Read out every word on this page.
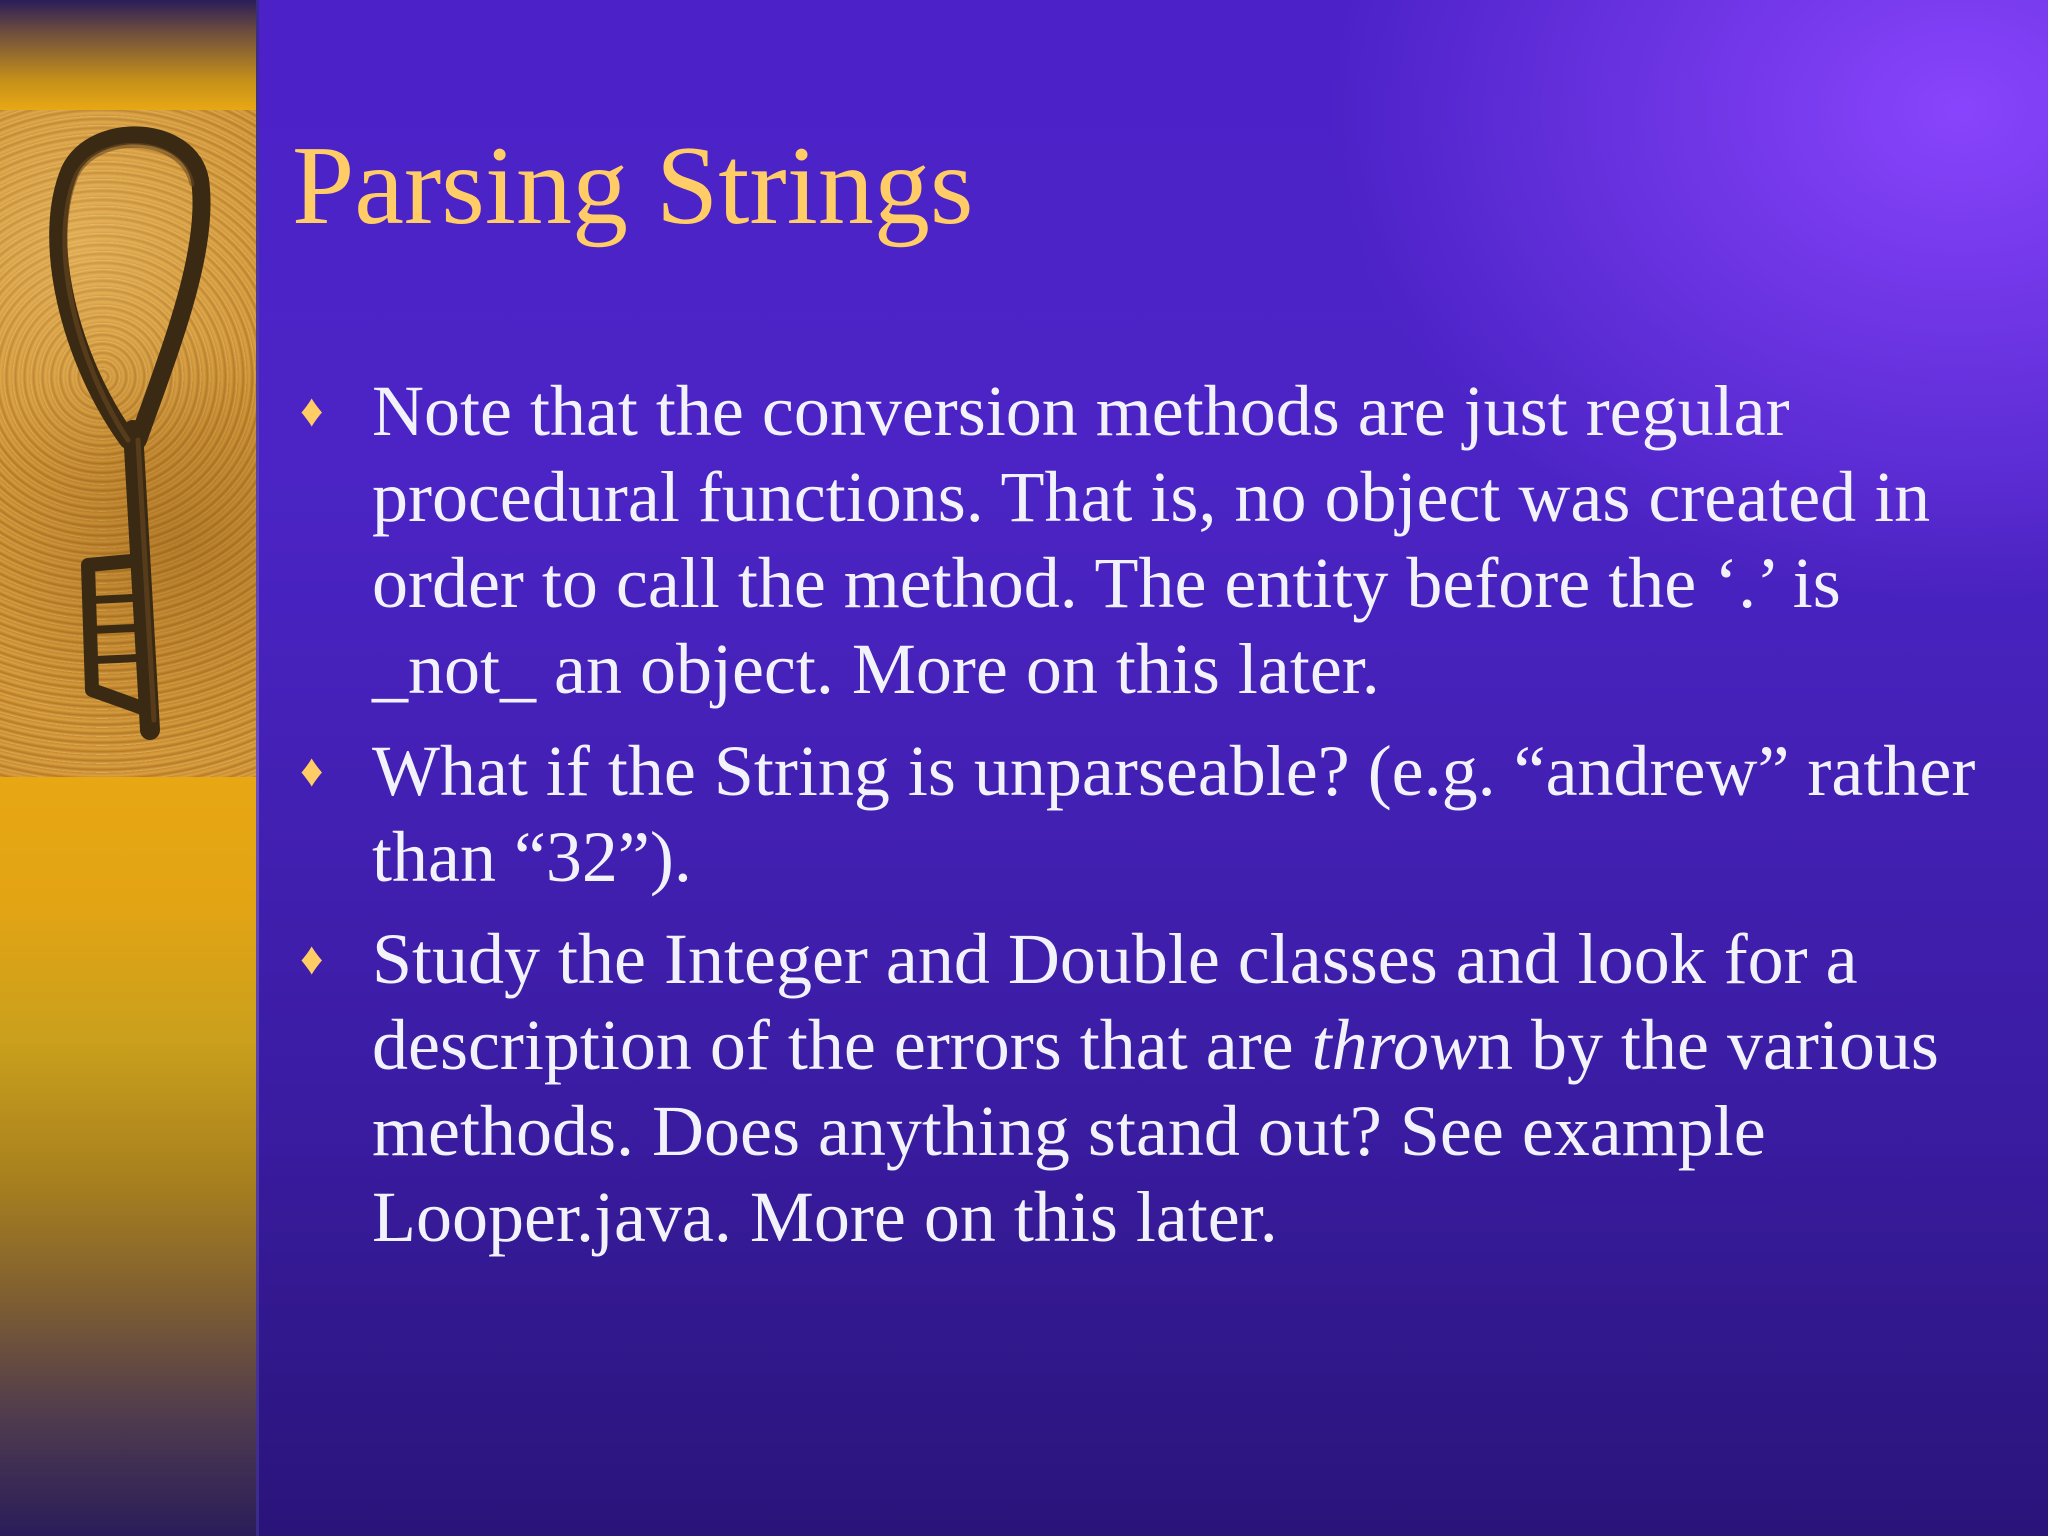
Parsing Strings
♦ Note that the conversion methods are just regular procedural functions. That is, no object was created in order to call the method. The entity before the ‘.’ is _not_ an object. More on this later.
♦ What if the String is unparseable? (e.g. “andrew” rather than “32”).
♦ Study the Integer and Double classes and look for a description of the errors that are thrown by the various methods. Does anything stand out? See example Looper.java. More on this later.
